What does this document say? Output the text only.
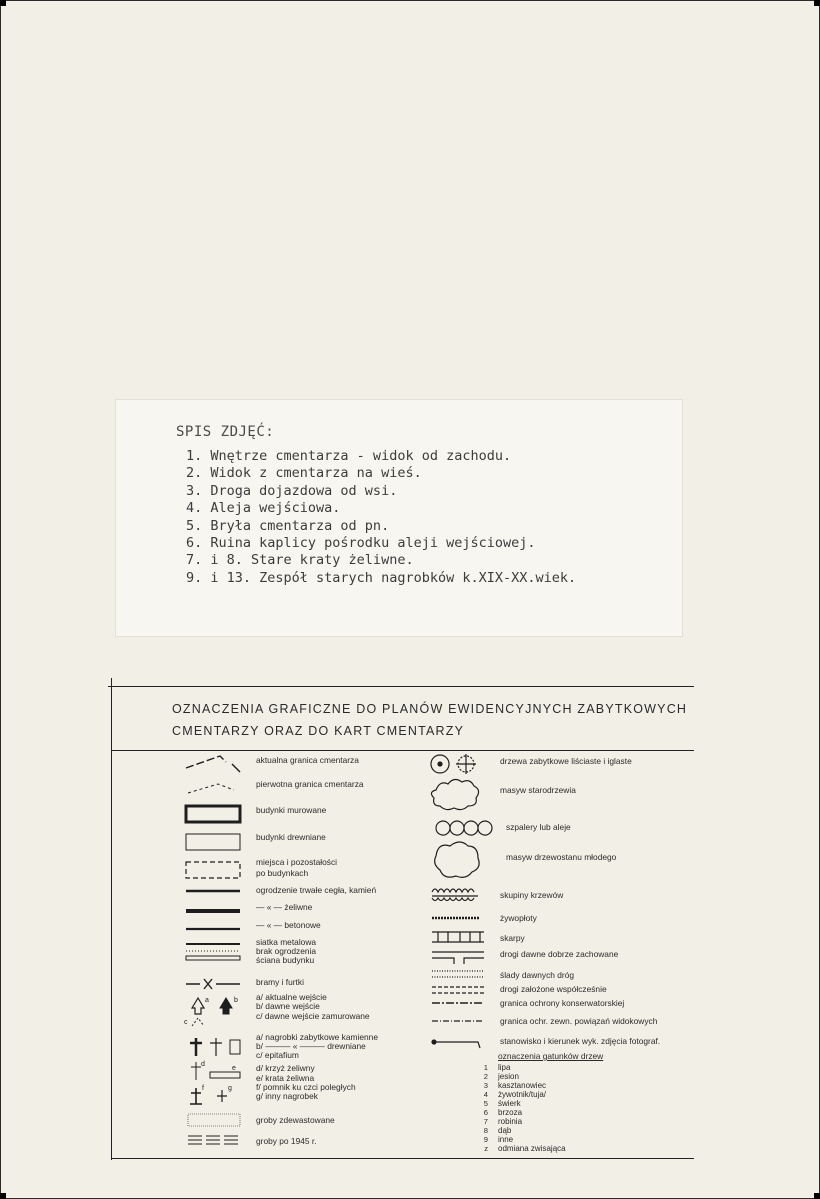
SPIS ZDJĘĆ:
1. Wnętrze cmentarza - widok od zachodu.
2. Widok z cmentarza na wieś.
3. Droga dojazdowa od wsi.
4. Aleja wejściowa.
5. Bryła cmentarza od pn.
6. Ruina kaplicy pośrodku aleji wejściowej.
7. i 8. Stare kraty żeliwne.
9. i 13. Zespół starych nagrobków k.XIX-XX.wiek.
OZNACZENIA GRAFICZNE DO PLANÓW EWIDENCYJNYCH ZABYTKOWYCH
CMENTARZY ORAZ DO KART CMENTARZY
a	b
c
d
e
f	g
aktualna granica cmentarza
pierwotna granica cmentarza
budynki murowane
budynki drewniane
miejsca i pozostałości
po budynkach
ogrodzenie trwałe cegła, kamień
— « — żeliwne
— « — betonowe
siatka metalowa
brak ogrodzenia
ściana budynku
bramy i furtki
a/ aktualne wejście
b/ dawne wejście
c/ dawne wejście zamurowane
a/ nagrobki zabytkowe kamienne
b/ ——— « ——— drewniane
c/ epitafium
d/ krzyż żeliwny
e/ krata żeliwna
f/ pomnik ku czci poległych
g/ inny nagrobek
groby zdewastowane
groby po 1945 r.
drzewa zabytkowe liściaste i iglaste
masyw starodrzewia
szpalery lub aleje
masyw drzewostanu młodego
skupiny krzewów
żywopłoty
skarpy
drogi dawne dobrze zachowane
ślady dawnych dróg
drogi założone współcześnie
granica ochrony konserwatorskiej
granica ochr. zewn. powiązań widokowych
stanowisko i kierunek wyk. zdjęcia fotograf.
oznaczenia gatunków drzew
1 lipa
2 jesion
3 kasztanowiec
4 żywotnik/tuja/
5 świerk
6 brzoza
7 robinia
8 dąb
9 inne
z odmiana zwisająca
